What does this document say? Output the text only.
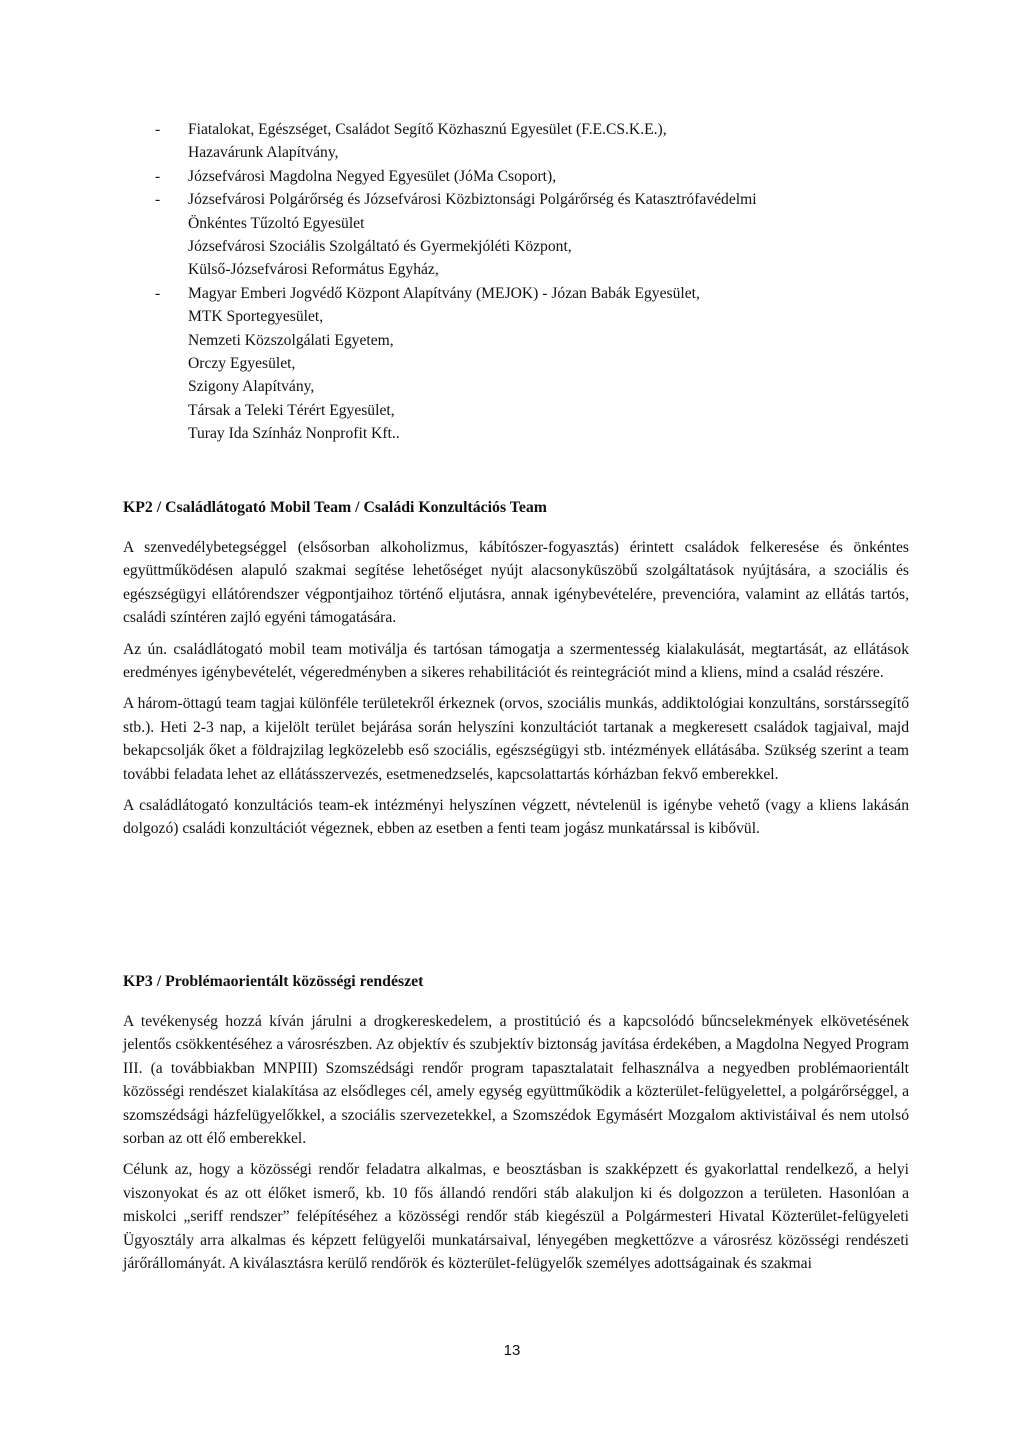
- Fiatalokat, Egészséget, Családot Segítő Közhasznú Egyesület (F.E.CS.K.E.),
Hazavárunk Alapítvány,
- Józsefvárosi Magdolna Negyed Egyesület (JóMa Csoport),
- Józsefvárosi Polgárőrség és Józsefvárosi Közbiztonsági Polgárőrség és Katasztrófavédelmi
Önkéntes Tűzoltó Egyesület
Józsefvárosi Szociális Szolgáltató és Gyermekjóléti Központ,
Külső-Józsefvárosi Református Egyház,
- Magyar Emberi Jogvédő Központ Alapítvány (MEJOK) - Józan Babák Egyesület,
MTK Sportegyesület,
Nemzeti Közszolgálati Egyetem,
Orczy Egyesület,
Szigony Alapítvány,
Társak a Teleki Térért Egyesület,
Turay Ida Színház Nonprofit Kft..
KP2 / Családlátogató Mobil Team / Családi Konzultációs Team

A szenvedélybetegséggel (elsősorban alkoholizmus, kábítószer-fogyasztás) érintett családok felkeresése és önkéntes együttműködésen alapuló szakmai segítése lehetőséget nyújt alacsonyküszöbű szolgáltatások nyújtására, a szociális és egészségügyi ellátórendszer végpontjaihoz történő eljutásra, annak igénybevételére, prevencióra, valamint az ellátás tartós, családi színtéren zajló egyéni támogatására.

Az ún. családlátogató mobil team motiválja és tartósan támogatja a szermentesség kialakulását, megtartását, az ellátások eredményes igénybevételét, végeredményben a sikeres rehabilitációt és reintegrációt mind a kliens, mind a család részére.

A három-öttagú team tagjai különféle területekről érkeznek (orvos, szociális munkás, addiktológiai konzultáns, sorstárssegítő stb.). Heti 2-3 nap, a kijelölt terület bejárása során helyszíni konzultációt tartanak a megkeresett családok tagjaival, majd bekapcsolják őket a földrajzilag legközelebb eső szociális, egészségügyi stb. intézmények ellátásába. Szükség szerint a team további feladata lehet az ellátásszervezés, esetmenedzselés, kapcsolattartás kórházban fekvő emberekkel.

A családlátogató konzultációs team-ek intézményi helyszínen végzett, névtelenül is igénybe vehető (vagy a kliens lakásán dolgozó) családi konzultációt végeznek, ebben az esetben a fenti team jogász munkatárssal is kibővül.

KP3 / Problémaorientált közösségi rendészet

A tevékenység hozzá kíván járulni a drogkereskedelem, a prostitúció és a kapcsolódó bűncselekmények elkövetésének jelentős csökkentéséhez a városrészben. Az objektív és szubjektív biztonság javítása érdekében, a Magdolna Negyed Program III. (a továbbiakban MNPIII) Szomszédsági rendőr program tapasztalatait felhasználva a negyedben problémaorientált közösségi rendészet kialakítása az elsődleges cél, amely egység együttműködik a közterület-felügyelettel, a polgárőrséggel, a szomszédsági házfelügyelőkkel, a szociális szervezetekkel, a Szomszédok Egymásért Mozgalom aktivistáival és nem utolsó sorban az ott élő emberekkel.

Célunk az, hogy a közösségi rendőr feladatra alkalmas, e beosztásban is szakképzett és gyakorlattal rendelkező, a helyi viszonyokat és az ott élőket ismerő, kb. 10 fős állandó rendőri stáb alakuljon ki és dolgozzon a területen. Hasonlóan a miskolci „seriff rendszer” felépítéséhez a közösségi rendőr stáb kiegészül a Polgármesteri Hivatal Közterület-felügyeleti Ügyosztály arra alkalmas és képzett felügyelői munkatársaival, lényegében megkettőzve a városrész közösségi rendészeti járőrállományát. A kiválasztásra kerülő rendőrök és közterület-felügyelők személyes adottságainak és szakmai

13
